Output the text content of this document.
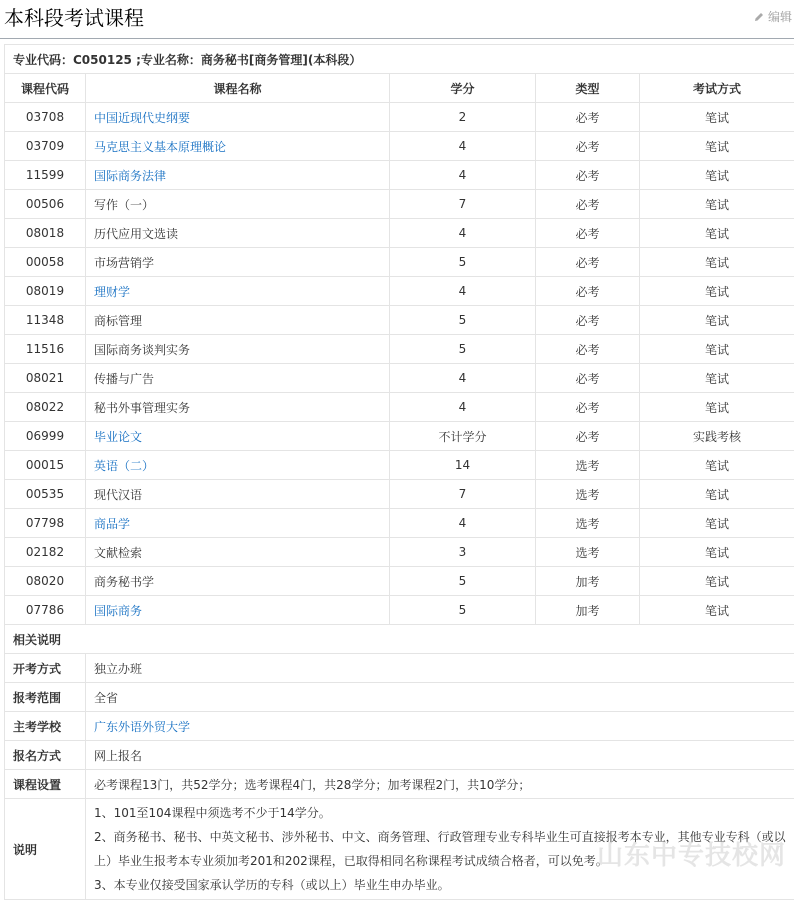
本科段考试课程	编辑
专业代码：C050125 ;专业名称：商务秘书[商务管理](本科段）				
课程代码	课程名称	学分	类型	考试方式
03708	中国近现代史纲要	2	必考	笔试
03709	马克思主义基本原理概论	4	必考	笔试
11599	国际商务法律	4	必考	笔试
00506	写作（一）	7	必考	笔试
08018	历代应用文选读	4	必考	笔试
00058	市场营销学	5	必考	笔试
08019	理财学	4	必考	笔试
11348	商标管理	5	必考	笔试
11516	国际商务谈判实务	5	必考	笔试
08021	传播与广告	4	必考	笔试
08022	秘书外事管理实务	4	必考	笔试
06999	毕业论文	不计学分	必考	实践考核
00015	英语（二）	14	选考	笔试
00535	现代汉语	7	选考	笔试
07798	商品学	4	选考	笔试
02182	文献检索	3	选考	笔试
08020	商务秘书学	5	加考	笔试
07786	国际商务	5	加考	笔试
相关说明				
开考方式	独立办班			
报考范围	全省			
主考学校	广东外语外贸大学			
报名方式	网上报名			
课程设置	必考课程13门，共52学分；选考课程4门，共28学分；加考课程2门，共10学分；			
说明	1、101至104课程中须选考不少于14学分。
2、商务秘书、秘书、中英文秘书、涉外秘书、中文、商务管理、行政管理专业专科毕业生可直接报考本专业，其他专业专科（或以上）毕业生报考本专业须加考201和202课程，已取得相同名称课程考试成绩合格者，可以免考。
3、本专业仅接受国家承认学历的专科（或以上）毕业生申办毕业。			
山东中专技校网
